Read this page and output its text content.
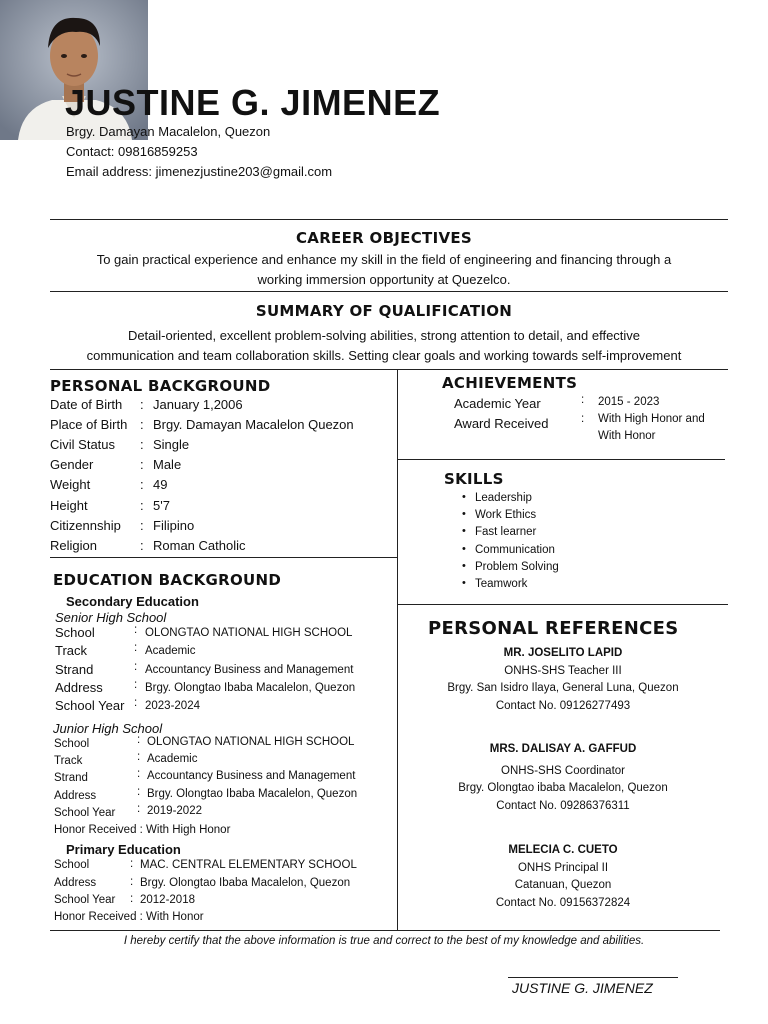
JUSTINE G. JIMENEZ
Brgy. Damayan Macalelon, Quezon
Contact: 09816859253
Email address: jimenezjustine203@gmail.com
CAREER OBJECTIVES
To gain practical experience and enhance my skill in the field of engineering and financing through a
working immersion opportunity at Quezelco.
SUMMARY OF QUALIFICATION
Detail-oriented, excellent problem-solving abilities, strong attention to detail, and effective
communication and team collaboration skills. Setting clear goals and working towards self-improvement
PERSONAL BACKGROUND
Date of Birth : January 1,2006
Place of Birth : Brgy. Damayan Macalelon Quezon
Civil Status : Single
Gender	: Male
Weight	: 49
Height	: 5'7
Citizennship : Filipino
Religion	: Roman Catholic
EDUCATION BACKGROUND
Secondary Education
Senior High School
School	: OLONGTAO NATIONAL HIGH SCHOOL
Track	: Academic
Strand	: Accountancy Business and Management
Address	: Brgy. Olongtao Ibaba Macalelon, Quezon
School Year : 2023-2024
Junior High School
School	: OLONGTAO NATIONAL HIGH SCHOOL
Track	: Academic
Strand	: Accountancy Business and Management
Address	: Brgy. Olongtao Ibaba Macalelon, Quezon
School Year : 2019-2022
Honor Received : With High Honor
Primary Education
School	: MAC. CENTRAL ELEMENTARY SCHOOL
Address	: Brgy. Olongtao Ibaba Macalelon, Quezon
School Year : 2012-2018
Honor Received : With Honor
ACHIEVEMENTS
Academic Year	: 2015 - 2023
Award Received	: With High Honor and
With Honor
SKILLS
• Leadership
• Work Ethics
• Fast learner
• Communication
• Problem Solving
• Teamwork
PERSONAL REFERENCES
MR. JOSELITO LAPID
ONHS-SHS Teacher III
Brgy. San Isidro Ilaya, General Luna, Quezon
Contact No. 09126277493
MRS. DALISAY A. GAFFUD
ONHS-SHS Coordinator
Brgy. Olongtao ibaba Macalelon, Quezon
Contact No. 09286376311
MELECIA C. CUETO
ONHS Principal II
Catanuan, Quezon
Contact No. 09156372824
I hereby certify that the above information is true and correct to the best of my knowledge and abilities.
JUSTINE G. JIMENEZ
